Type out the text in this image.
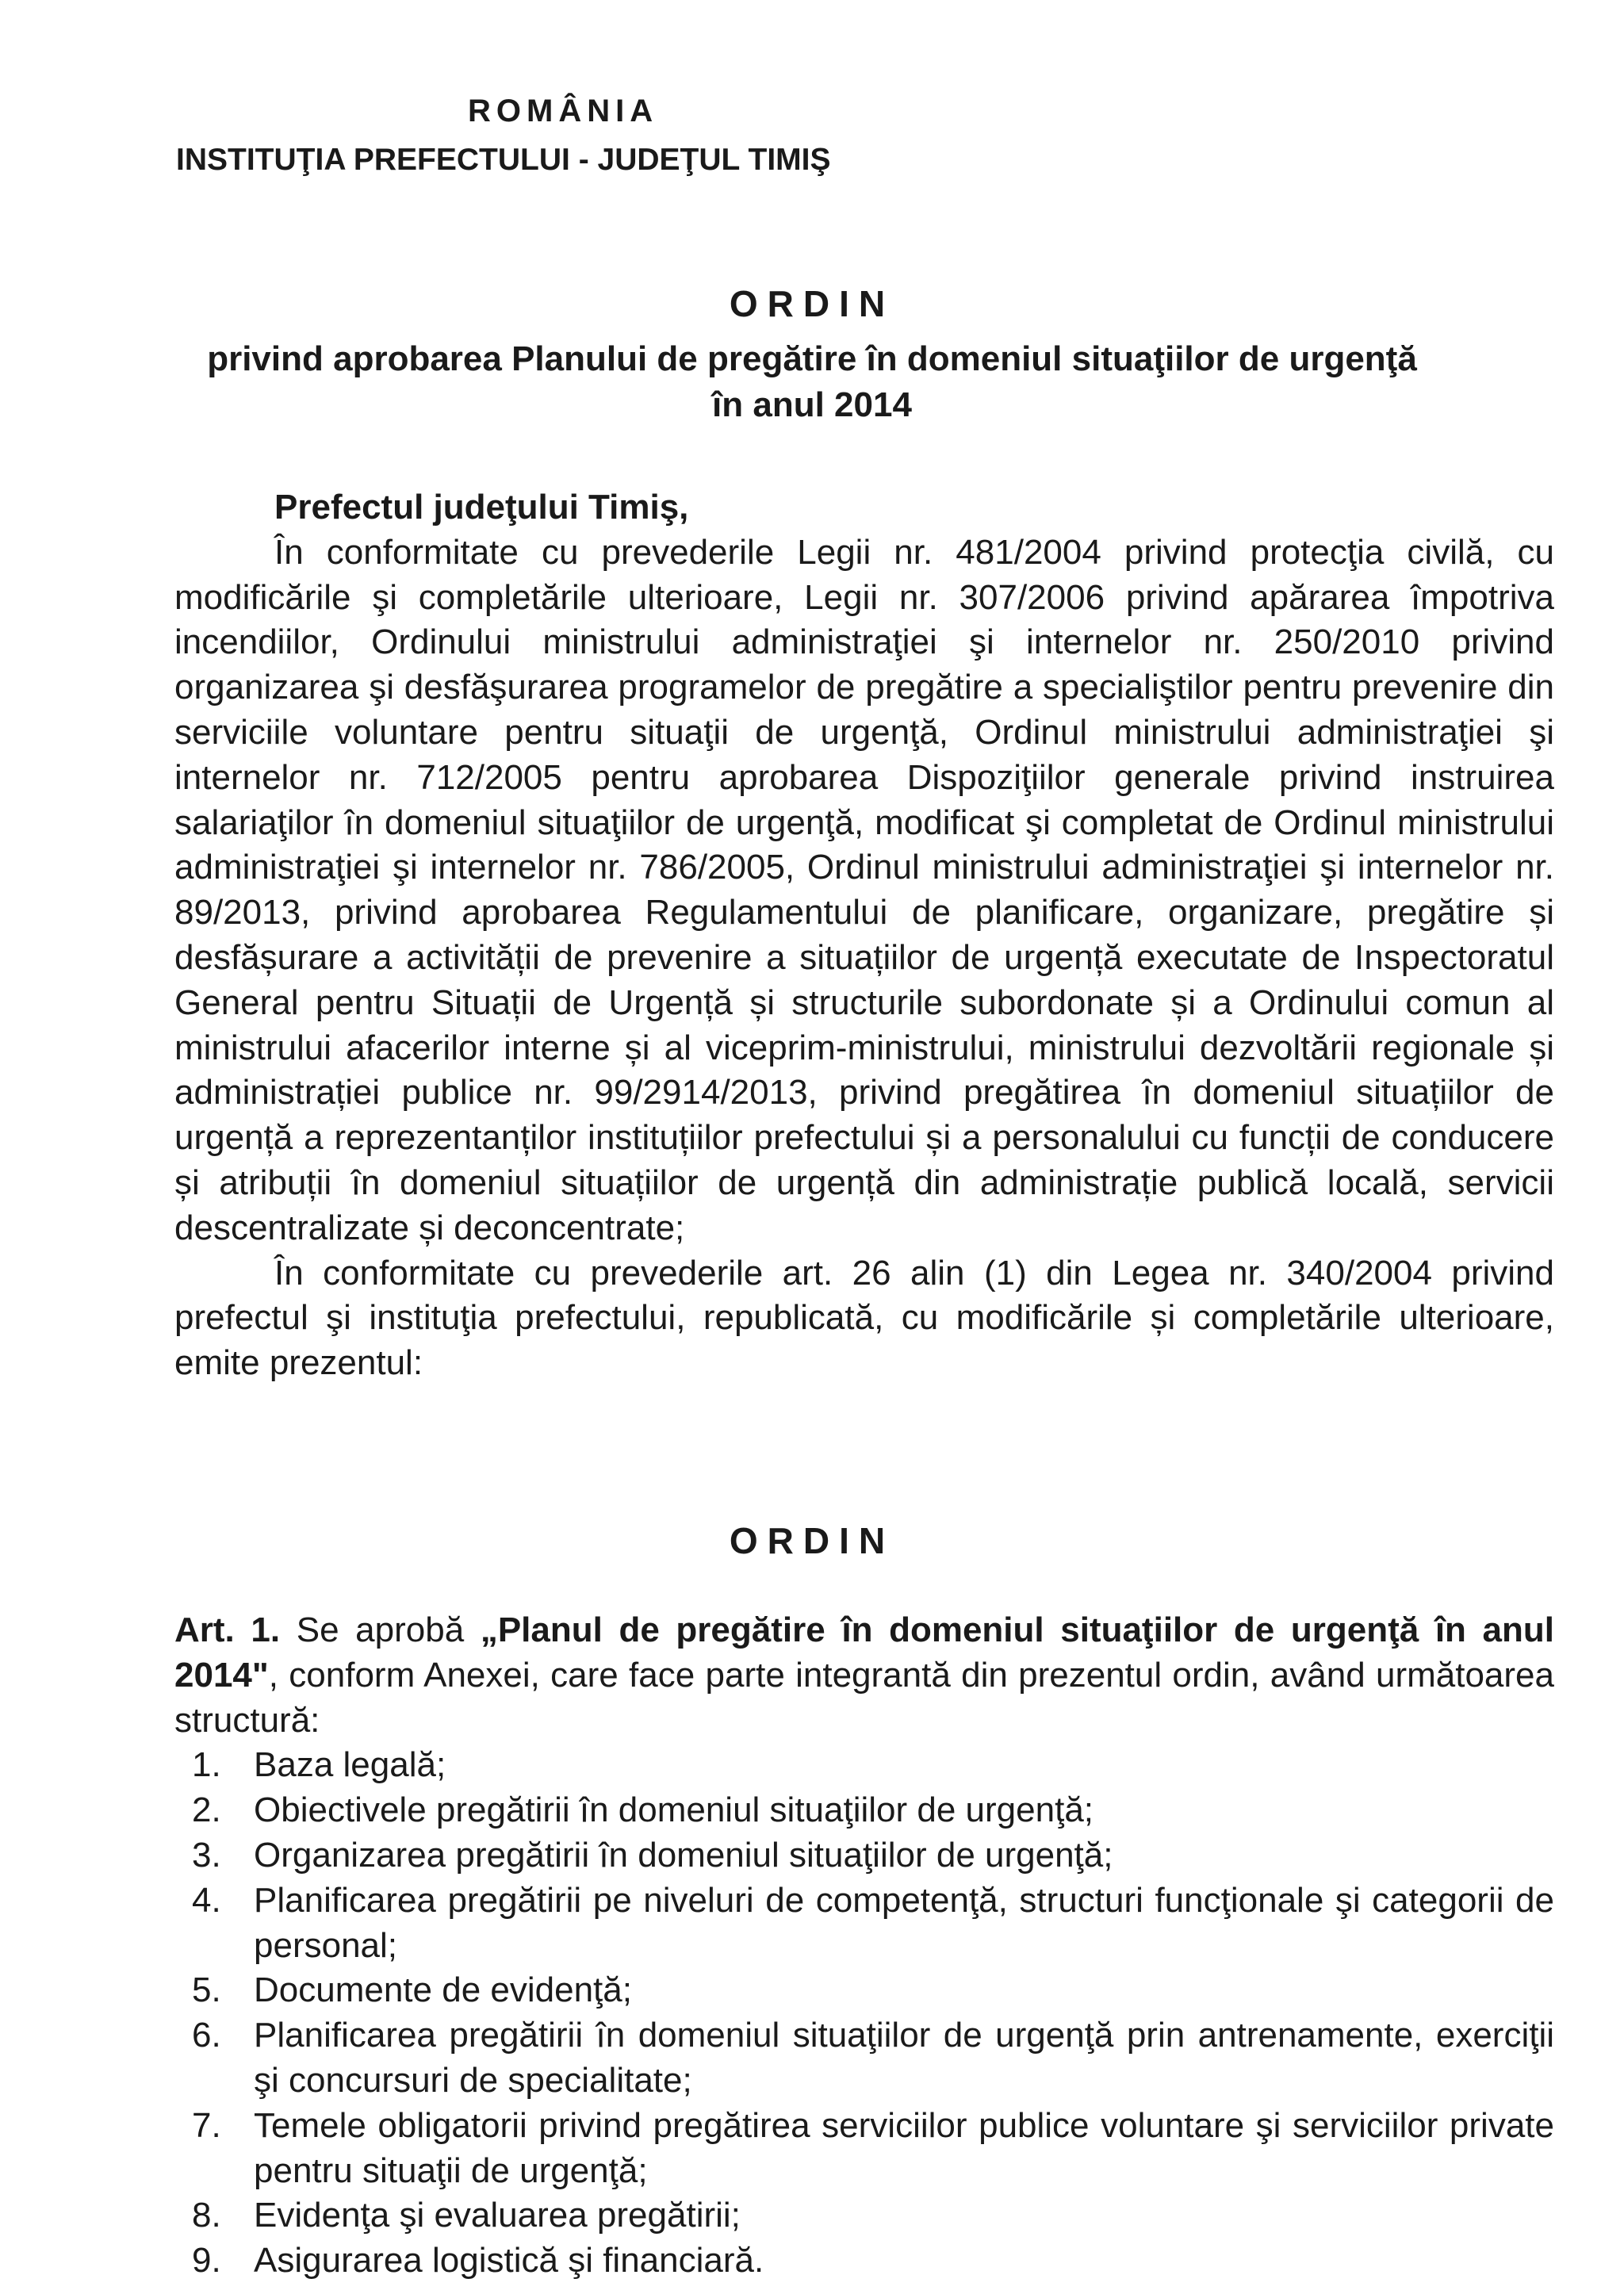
ROMÂNIA
INSTITUŢIA PREFECTULUI - JUDEŢUL TIMIŞ
ORDIN
privind aprobarea Planului de pregătire în domeniul situaţiilor de urgenţă
în anul 2014

Prefectul judeţului Timiş,

În conformitate cu prevederile Legii nr. 481/2004 privind protecţia civilă, cu modificările şi completările ulterioare, Legii nr. 307/2006 privind apărarea împotriva incendiilor, Ordinului ministrului administraţiei şi internelor nr. 250/2010 privind organizarea şi desfăşurarea programelor de pregătire a specialiştilor pentru prevenire din serviciile voluntare pentru situaţii de urgenţă, Ordinul ministrului administraţiei şi internelor nr. 712/2005 pentru aprobarea Dispoziţiilor generale privind instruirea salariaţilor în domeniul situaţiilor de urgenţă, modificat şi completat de Ordinul ministrului administraţiei şi internelor nr. 786/2005, Ordinul ministrului administraţiei şi internelor nr. 89/2013, privind aprobarea Regulamentului de planificare, organizare, pregătire și desfășurare a activității de prevenire a situațiilor de urgență executate de Inspectoratul General pentru Situații de Urgență și structurile subordonate și a Ordinului comun al ministrului afacerilor interne și al viceprim-ministrului, ministrului dezvoltării regionale și administrației publice nr. 99/2914/2013, privind pregătirea în domeniul situațiilor de urgență a reprezentanților instituțiilor prefectului și a personalului cu funcții de conducere și atribuții în domeniul situațiilor de urgență din administrație publică locală, servicii descentralizate și deconcentrate;

În conformitate cu prevederile art. 26 alin (1) din Legea nr. 340/2004 privind prefectul şi instituţia prefectului, republicată, cu modificările și completările ulterioare, emite prezentul:

ORDIN

Art. 1. Se aprobă „Planul de pregătire în domeniul situaţiilor de urgenţă în anul 2014", conform Anexei, care face parte integrantă din prezentul ordin, având următoarea structură:

1. Baza legală;
2. Obiectivele pregătirii în domeniul situaţiilor de urgenţă;
3. Organizarea pregătirii în domeniul situaţiilor de urgenţă;
4. Planificarea pregătirii pe niveluri de competenţă, structuri funcţionale şi categorii de personal;
5. Documente de evidenţă;
6. Planificarea pregătirii în domeniul situaţiilor de urgenţă prin antrenamente, exerciţii şi concursuri de specialitate;
7. Temele obligatorii privind pregătirea serviciilor publice voluntare şi serviciilor private pentru situaţii de urgenţă;
8. Evidenţa şi evaluarea pregătirii;
9. Asigurarea logistică şi financiară.
